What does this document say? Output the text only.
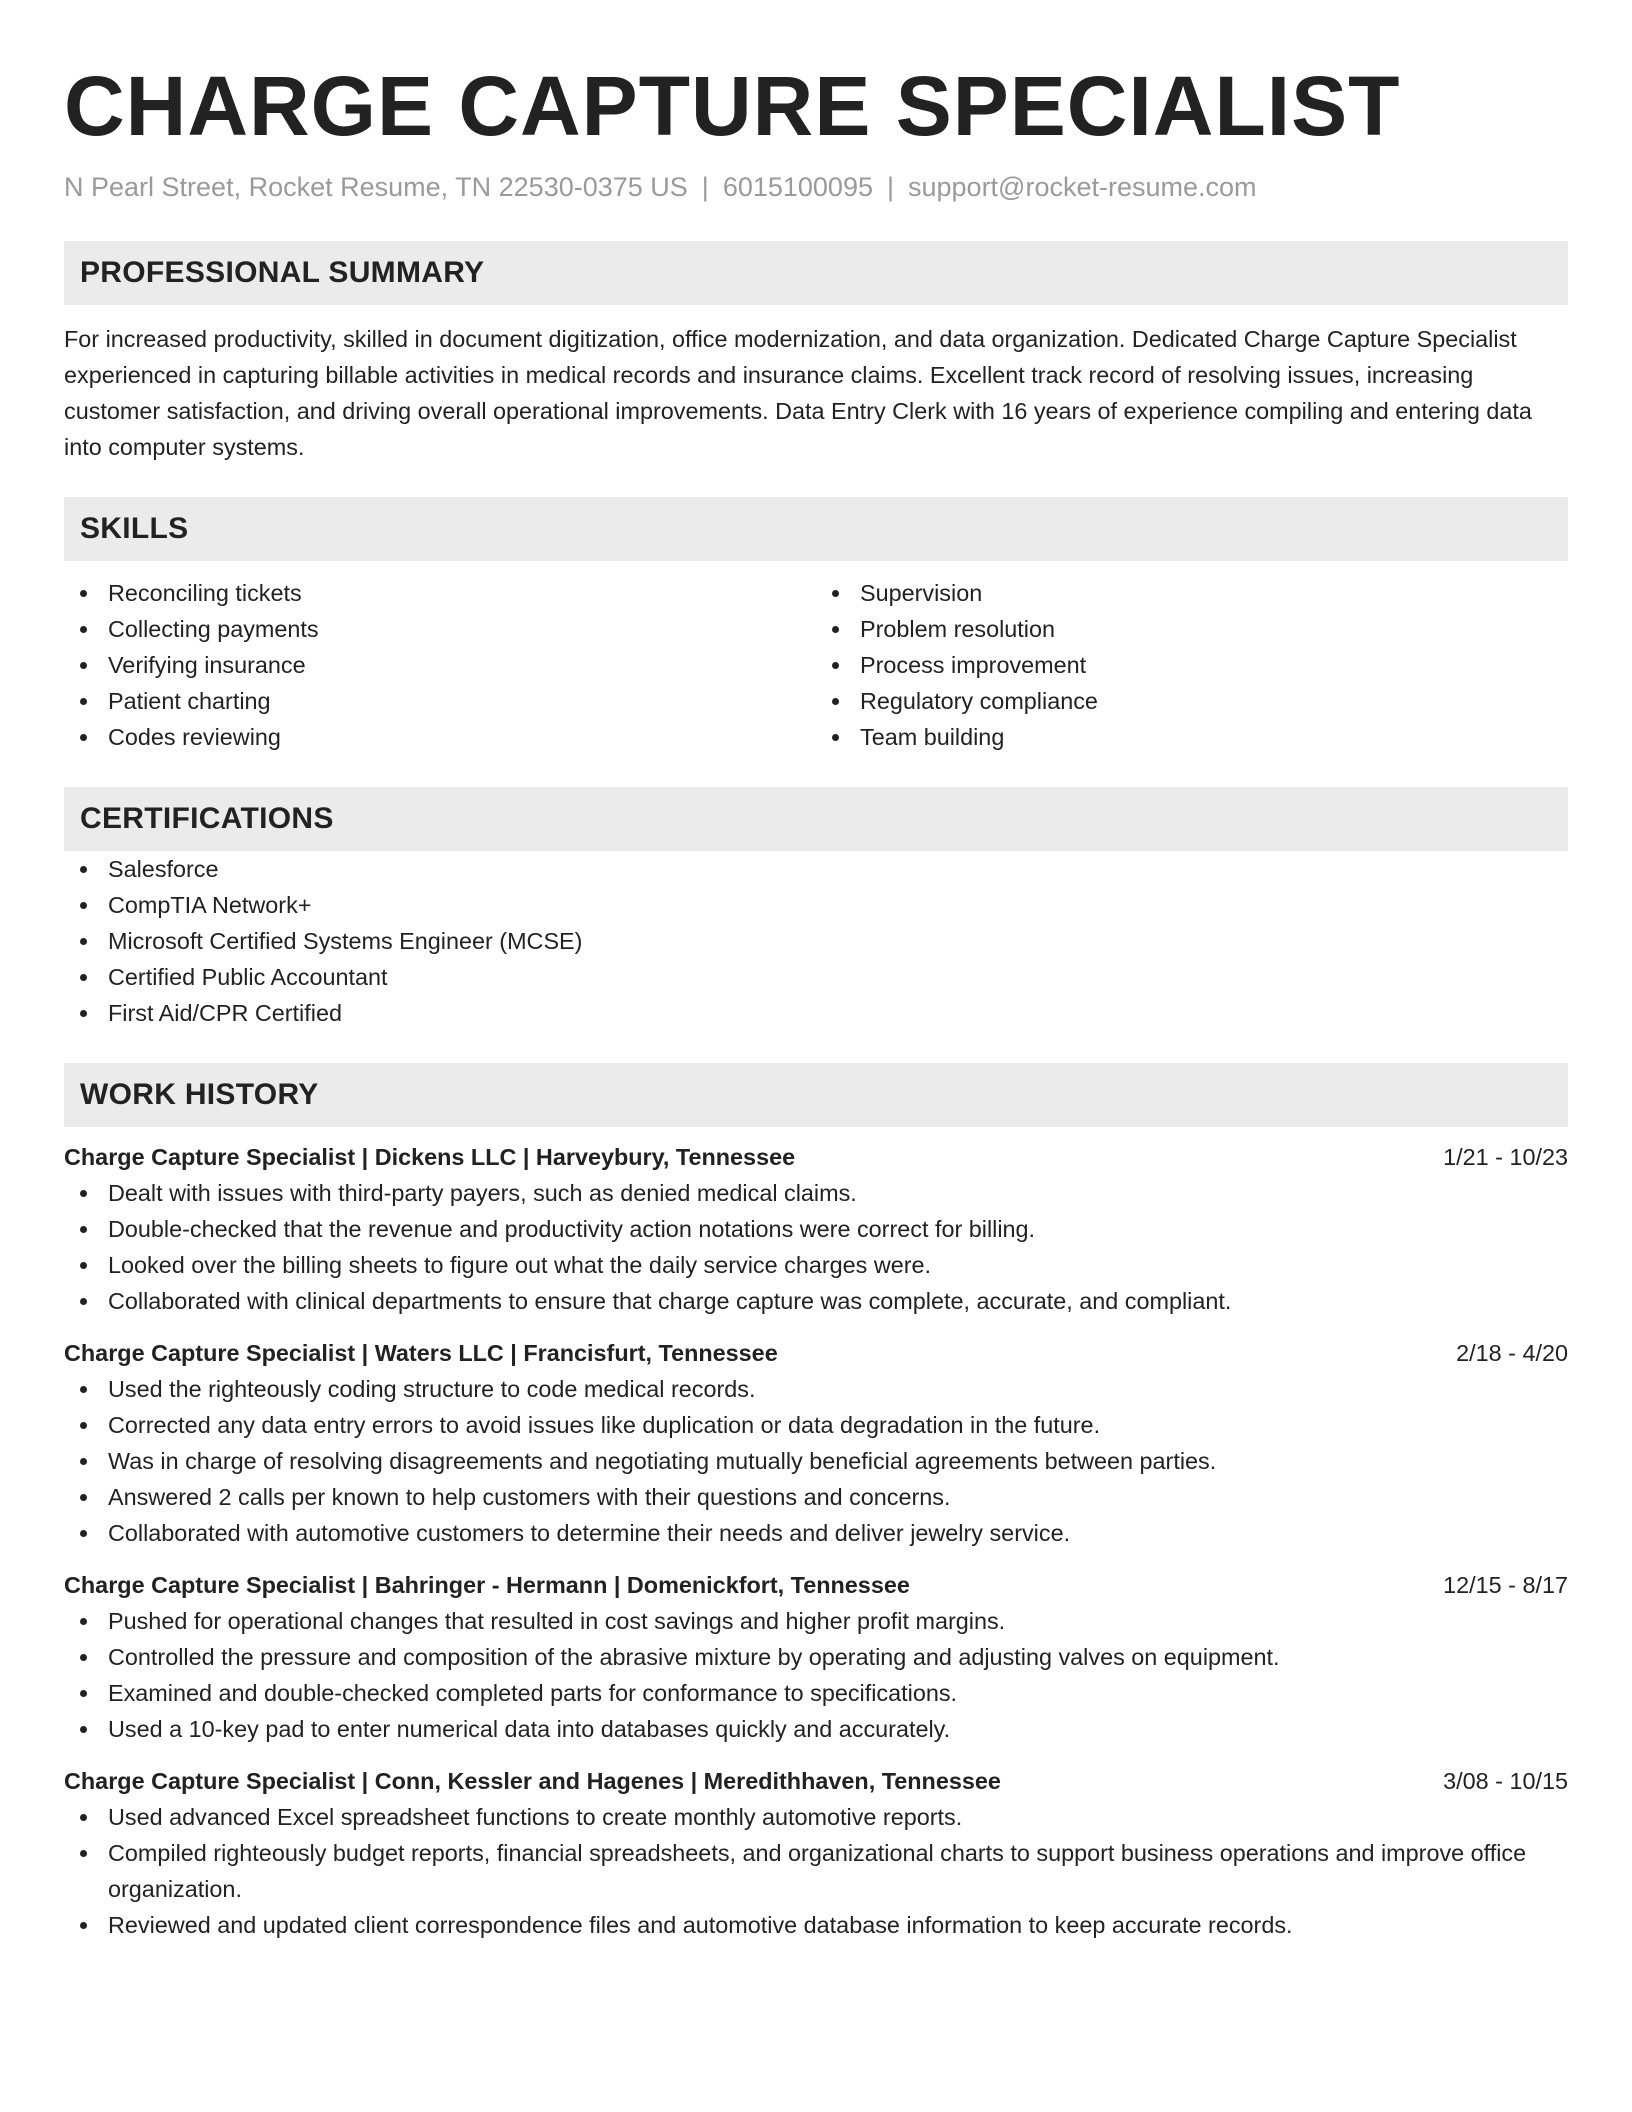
CHARGE CAPTURE SPECIALIST
N Pearl Street, Rocket Resume, TN 22530-0375 US | 6015100095 | support@rocket-resume.com
PROFESSIONAL SUMMARY
For increased productivity, skilled in document digitization, office modernization, and data organization. Dedicated Charge Capture Specialist experienced in capturing billable activities in medical records and insurance claims. Excellent track record of resolving issues, increasing customer satisfaction, and driving overall operational improvements. Data Entry Clerk with 16 years of experience compiling and entering data into computer systems.
SKILLS
Reconciling tickets
Collecting payments
Verifying insurance
Patient charting
Codes reviewing
Supervision
Problem resolution
Process improvement
Regulatory compliance
Team building
CERTIFICATIONS
Salesforce
CompTIA Network+
Microsoft Certified Systems Engineer (MCSE)
Certified Public Accountant
First Aid/CPR Certified
WORK HISTORY
Charge Capture Specialist | Dickens LLC | Harveybury, Tennessee	1/21 - 10/23
Dealt with issues with third-party payers, such as denied medical claims.
Double-checked that the revenue and productivity action notations were correct for billing.
Looked over the billing sheets to figure out what the daily service charges were.
Collaborated with clinical departments to ensure that charge capture was complete, accurate, and compliant.
Charge Capture Specialist | Waters LLC | Francisfurt, Tennessee	2/18 - 4/20
Used the righteously coding structure to code medical records.
Corrected any data entry errors to avoid issues like duplication or data degradation in the future.
Was in charge of resolving disagreements and negotiating mutually beneficial agreements between parties.
Answered 2 calls per known to help customers with their questions and concerns.
Collaborated with automotive customers to determine their needs and deliver jewelry service.
Charge Capture Specialist | Bahringer - Hermann | Domenickfort, Tennessee	12/15 - 8/17
Pushed for operational changes that resulted in cost savings and higher profit margins.
Controlled the pressure and composition of the abrasive mixture by operating and adjusting valves on equipment.
Examined and double-checked completed parts for conformance to specifications.
Used a 10-key pad to enter numerical data into databases quickly and accurately.
Charge Capture Specialist | Conn, Kessler and Hagenes | Meredithhaven, Tennessee	3/08 - 10/15
Used advanced Excel spreadsheet functions to create monthly automotive reports.
Compiled righteously budget reports, financial spreadsheets, and organizational charts to support business operations and improve office organization.
Reviewed and updated client correspondence files and automotive database information to keep accurate records.
